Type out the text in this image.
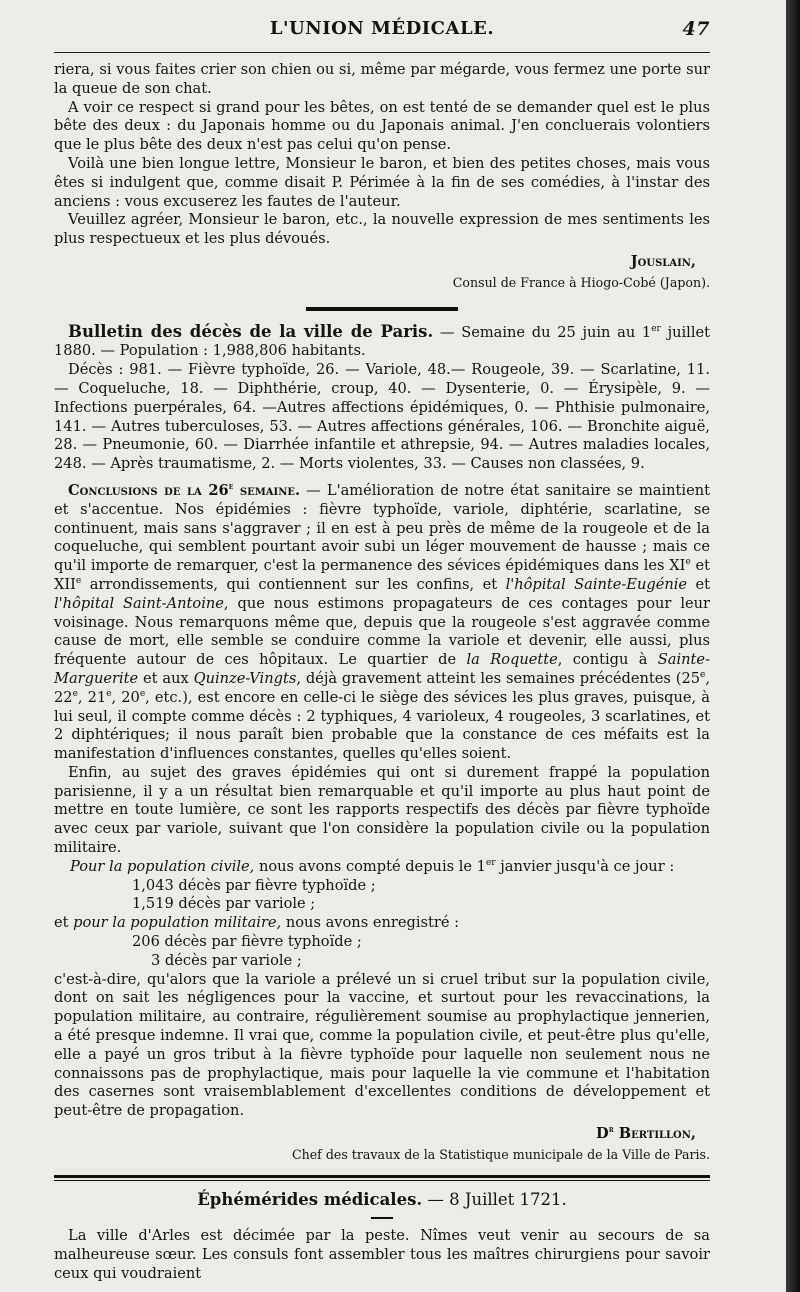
L'UNION MÉDICALE.	47

riera, si vous faites crier son chien ou si, même par mégarde, vous fermez une porte sur la queue de son chat.

A voir ce respect si grand pour les bêtes, on est tenté de se demander quel est le plus bête des deux : du Japonais homme ou du Japonais animal. J'en concluerais volontiers que le plus bête des deux n'est pas celui qu'on pense.

Voilà une bien longue lettre, Monsieur le baron, et bien des petites choses, mais vous êtes si indulgent que, comme disait P. Périmée à la fin de ses comédies, à l'instar des anciens : vous excuserez les fautes de l'auteur.

Veuillez agréer, Monsieur le baron, etc., la nouvelle expression de mes sentiments les plus respectueux et les plus dévoués.

Jouslain,
Consul de France à Hiogo-Cobé (Japon).

Bulletin des décès de la ville de Paris. — Semaine du 25 juin au 1er juillet 1880. — Population : 1,988,806 habitants.

Décès : 981. — Fièvre typhoïde, 26. — Variole, 48.— Rougeole, 39. — Scarlatine, 11. — Coqueluche, 18. — Diphthérie, croup, 40. — Dysenterie, 0. — Érysipèle, 9. — Infections puerpérales, 64. —Autres affections épidémiques, 0. — Phthisie pulmonaire, 141. — Autres tuberculoses, 53. — Autres affections générales, 106. — Bronchite aiguë, 28. — Pneumonie, 60. — Diarrhée infantile et athrepsie, 94. — Autres maladies locales, 248. — Après traumatisme, 2. — Morts violentes, 33. — Causes non classées, 9.

Conclusions de la 26e semaine. — L'amélioration de notre état sanitaire se maintient et s'accentue. Nos épidémies : fièvre typhoïde, variole, diphtérie, scarlatine, se continuent, mais sans s'aggraver ; il en est à peu près de même de la rougeole et de la coqueluche, qui semblent pourtant avoir subi un léger mouvement de hausse ; mais ce qu'il importe de remarquer, c'est la permanence des sévices épidémiques dans les XIe et XIIe arrondissements, qui contiennent sur les confins, et l'hôpital Sainte-Eugénie et l'hôpital Saint-Antoine, que nous estimons propagateurs de ces contages pour leur voisinage. Nous remarquons même que, depuis que la rougeole s'est aggravée comme cause de mort, elle semble se conduire comme la variole et devenir, elle aussi, plus fréquente autour de ces hôpitaux. Le quartier de la Roquette, contigu à Sainte-Marguerite et aux Quinze-Vingts, déjà gravement atteint les semaines précédentes (25e, 22e, 21e, 20e, etc.), est encore en celle-ci le siège des sévices les plus graves, puisque, à lui seul, il compte comme décès : 2 typhiques, 4 varioleux, 4 rougeoles, 3 scarlatines, et 2 diphtériques; il nous paraît bien probable que la constance de ces méfaits est la manifestation d'influences constantes, quelles qu'elles soient.

Enfin, au sujet des graves épidémies qui ont si durement frappé la population parisienne, il y a un résultat bien remarquable et qu'il importe au plus haut point de mettre en toute lumière, ce sont les rapports respectifs des décès par fièvre typhoïde avec ceux par variole, suivant que l'on considère la population civile ou la population militaire.

Pour la population civile, nous avons compté depuis le 1er janvier jusqu'à ce jour :

1,043 décès par fièvre typhoïde ;
1,519 décès par variole ;

et pour la population militaire, nous avons enregistré :

206 décès par fièvre typhoïde ;
3 décès par variole ;

c'est-à-dire, qu'alors que la variole a prélevé un si cruel tribut sur la population civile, dont on sait les négligences pour la vaccine, et surtout pour les revaccinations, la population militaire, au contraire, régulièrement soumise au prophylactique jennerien, a été presque indemne. Il vrai que, comme la population civile, et peut-être plus qu'elle, elle a payé un gros tribut à la fièvre typhoïde pour laquelle non seulement nous ne connaissons pas de prophylactique, mais pour laquelle la vie commune et l'habitation des casernes sont vraisemblablement d'excellentes conditions de développement et peut-être de propagation.

$D^r$ Bertillon,
Chef des travaux de la Statistique municipale de la Ville de Paris.
Éphémérides médicales. — 8 Juillet 1721.

La ville d'Arles est décimée par la peste. Nîmes veut venir au secours de sa malheureuse sœur. Les consuls font assembler tous les maîtres chirurgiens pour savoir ceux qui voudraient
